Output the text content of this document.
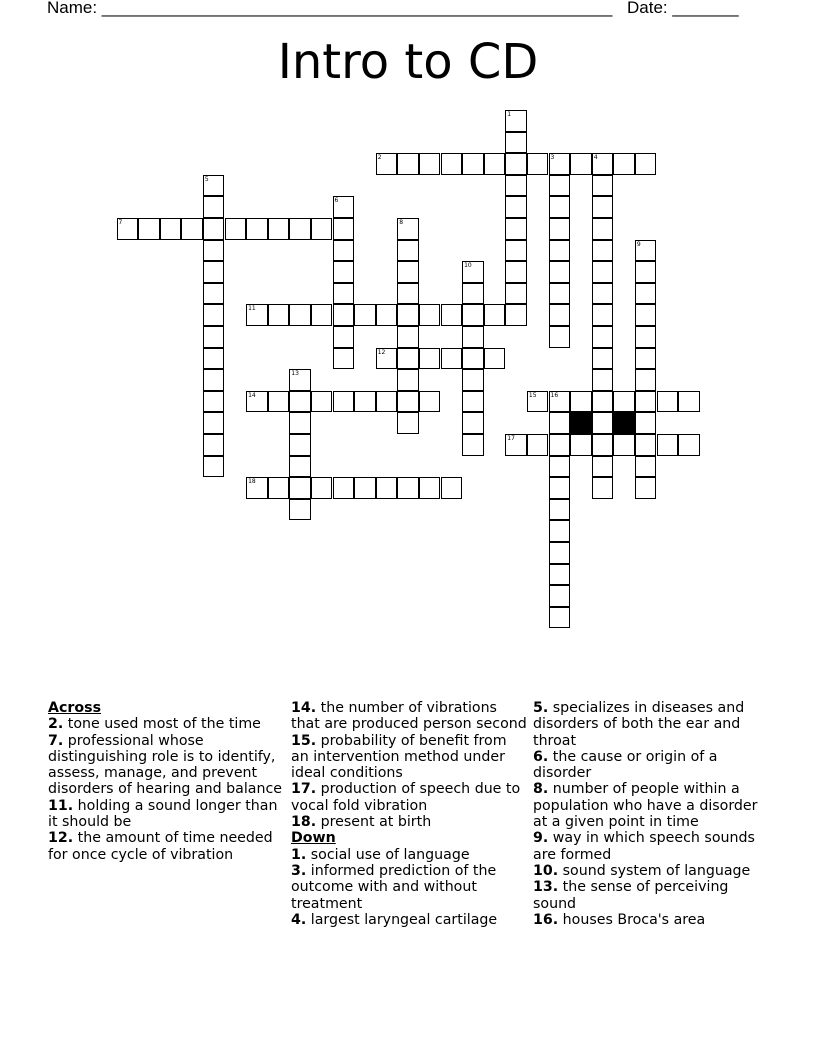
Name: ______________________________________________________ Date: _______
Intro to CD
1
2	3	4
5
6
7	8
9
10
11
12
13
14	15 16
17
18
Across
2. tone used most of the time
7. professional whose distinguishing role is to identify, assess, manage, and prevent disorders of hearing and balance
11. holding a sound longer than it should be
12. the amount of time needed for once cycle of vibration
14. the number of vibrations that are produced person second
15. probability of benefit from an intervention method under ideal conditions
17. production of speech due to vocal fold vibration
18. present at birth
Down
1. social use of language
3. informed prediction of the outcome with and without treatment
4. largest laryngeal cartilage
5. specializes in diseases and disorders of both the ear and throat
6. the cause or origin of a disorder
8. number of people within a population who have a disorder at a given point in time
9. way in which speech sounds are formed
10. sound system of language
13. the sense of perceiving sound
16. houses Broca's area
